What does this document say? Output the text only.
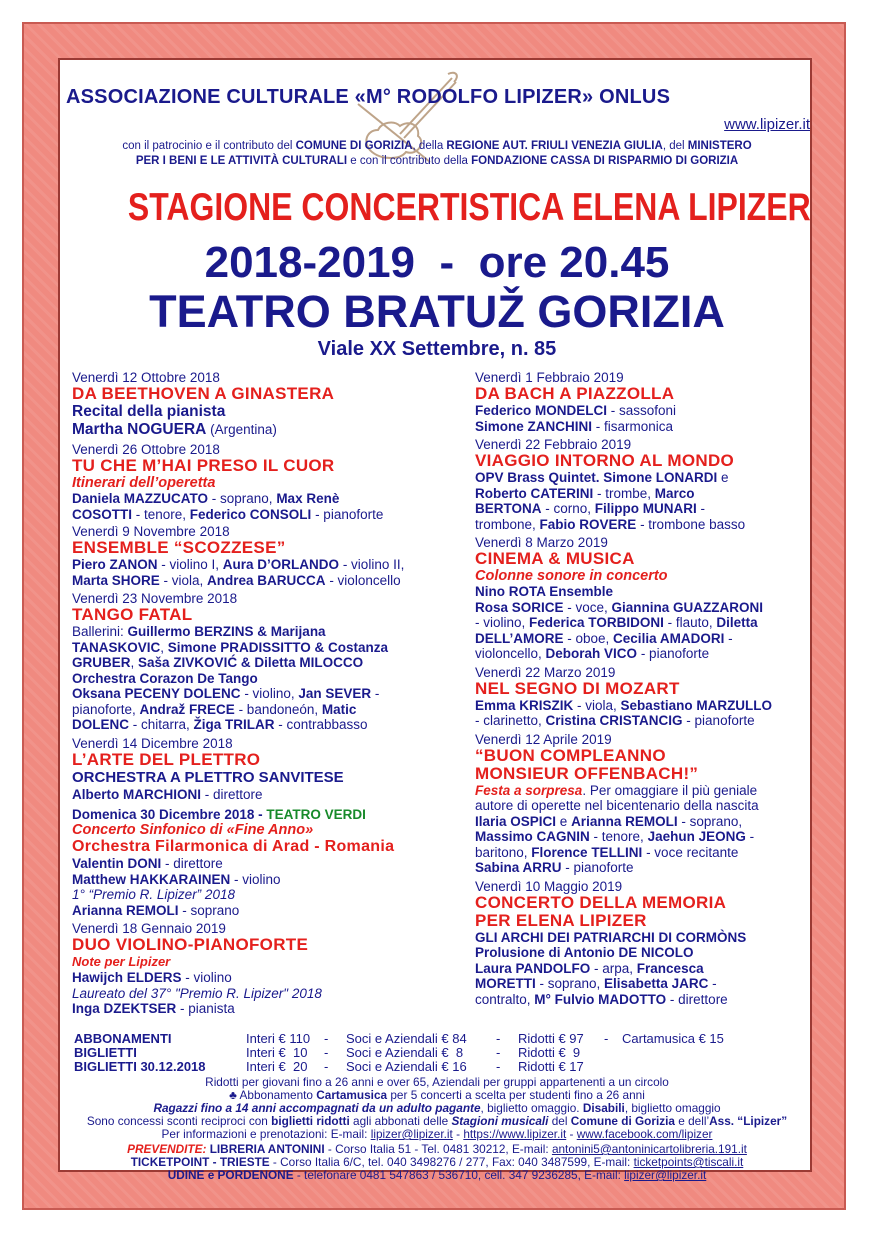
ASSOCIAZIONE CULTURALE «M° RODOLFO LIPIZER» ONLUS
www.lipizer.it
con il patrocinio e il contributo del COMUNE DI GORIZIA, della REGIONE AUT. FRIULI VENEZIA GIULIA, del MINISTERO
PER I BENI E LE ATTIVITÀ CULTURALI e con il contributo della FONDAZIONE CASSA DI RISPARMIO DI GORIZIA
STAGIONE CONCERTISTICA ELENA LIPIZER
2018-2019  -  ore 20.45
TEATRO BRATUŽ GORIZIA
Viale XX Settembre, n. 85
Venerdì 12 Ottobre 2018
DA BEETHOVEN A GINASTERA
Recital della pianista
Martha NOGUERA (Argentina)
Venerdì 26 Ottobre 2018
TU CHE M’HAI PRESO IL CUOR
Itinerari dell’operetta
Daniela MAZZUCATO - soprano, Max Renè
COSOTTI - tenore, Federico CONSOLI - pianoforte
Venerdì 9 Novembre 2018
ENSEMBLE “SCOZZESE”
Piero ZANON - violino I, Aura D’ORLANDO - violino II,
Marta SHORE - viola, Andrea BARUCCA - violoncello
Venerdì 23 Novembre 2018
TANGO FATAL
Ballerini: Guillermo BERZINS & Marijana
TANASKOVIC, Simone PRADISSITTO & Costanza
GRUBER, Saša ZIVKOVIĆ & Diletta MILOCCO
Orchestra Corazon De Tango
Oksana PECENY DOLENC - violino, Jan SEVER -
pianoforte, Andraž FRECE - bandoneón, Matic
DOLENC - chitarra, Žiga TRILAR - contrabbasso
Venerdì 14 Dicembre 2018
L’ARTE DEL PLETTRO
ORCHESTRA A PLETTRO SANVITESE
Alberto MARCHIONI - direttore
Domenica 30 Dicembre 2018 - TEATRO VERDI
Concerto Sinfonico di «Fine Anno»
Orchestra Filarmonica di Arad - Romania
Valentin DONI - direttore
Matthew HAKKARAINEN - violino
1° “Premio R. Lipizer” 2018
Arianna REMOLI - soprano
Venerdì 18 Gennaio 2019
DUO VIOLINO-PIANOFORTE
Note per Lipizer
Hawijch ELDERS - violino
Laureato del 37° "Premio R. Lipizer" 2018
Inga DZEKTSER - pianista
Venerdì 1 Febbraio 2019
DA BACH A PIAZZOLLA
Federico MONDELCI - sassofoni
Simone ZANCHINI - fisarmonica
Venerdì 22 Febbraio 2019
VIAGGIO INTORNO AL MONDO
OPV Brass Quintet. Simone LONARDI e
Roberto CATERINI - trombe, Marco
BERTONA - corno, Filippo MUNARI -
trombone, Fabio ROVERE - trombone basso
Venerdì 8 Marzo 2019
CINEMA & MUSICA
Colonne sonore in concerto
Nino ROTA Ensemble
Rosa SORICE - voce, Giannina GUAZZARONI
- violino, Federica TORBIDONI - flauto, Diletta
DELL’AMORE - oboe, Cecilia AMADORI -
violoncello, Deborah VICO - pianoforte
Venerdì 22 Marzo 2019
NEL SEGNO DI MOZART
Emma KRISZIK - viola, Sebastiano MARZULLO
- clarinetto, Cristina CRISTANCIG - pianoforte
Venerdì 12 Aprile 2019
“BUON COMPLEANNO
MONSIEUR OFFENBACH!”
Festa a sorpresa. Per omaggiare il più geniale
autore di operette nel bicentenario della nascita
Ilaria OSPICI e Arianna REMOLI - soprano,
Massimo CAGNIN - tenore, Jaehun JEONG -
baritono, Florence TELLINI - voce recitante
Sabina ARRU - pianoforte
Venerdì 10 Maggio 2019
CONCERTO DELLA MEMORIA
PER ELENA LIPIZER
GLI ARCHI DEI PATRIARCHI DI CORMÒNS
Prolusione di Antonio DE NICOLO
Laura PANDOLFO - arpa, Francesca
MORETTI - soprano, Elisabetta JARC -
contralto, M° Fulvio MADOTTO - direttore
ABBONAMENTI	Interi € 110	-	Soci e Aziendali € 84	-	Ridotti € 97	-	Cartamusica € 15
BIGLIETTI	Interi €  10	-	Soci e Aziendali €  8	-	Ridotti €  9		
BIGLIETTI 30.12.2018	Interi €  20	-	Soci e Aziendali € 16	-	Ridotti € 17		
Ridotti per giovani fino a 26 anni e over 65, Aziendali per gruppi appartenenti a un circolo
♣ Abbonamento Cartamusica per 5 concerti a scelta per studenti fino a 26 anni
Ragazzi fino a 14 anni accompagnati da un adulto pagante, biglietto omaggio. Disabili, biglietto omaggio
Sono concessi sconti reciproci con biglietti ridotti agli abbonati delle Stagioni musicali del Comune di Gorizia e dell’Ass. “Lipizer”
Per informazioni e prenotazioni: E-mail: lipizer@lipizer.it - https://www.lipizer.it - www.facebook.com/lipizer
PREVENDITE: LIBRERIA ANTONINI - Corso Italia 51 - Tel. 0481 30212, E-mail: antonini5@antoninicartolibreria.191.it
TICKETPOINT - TRIESTE - Corso Italia 6/C, tel. 040 3498276 / 277, Fax: 040 3487599, E-mail: ticketpoints@tiscali.it
UDINE e PORDENONE - telefonare 0481 547863 / 536710, cell. 347 9236285, E-mail: lipizer@lipizer.it
